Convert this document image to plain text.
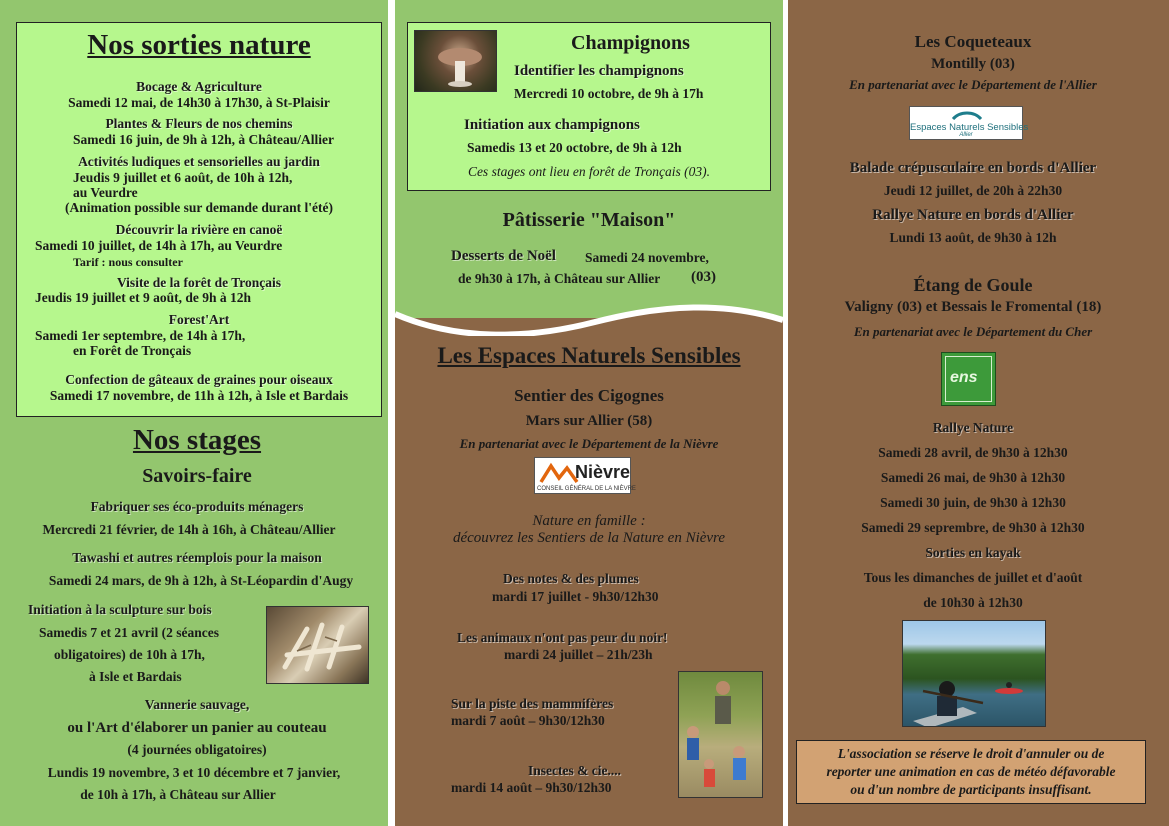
Nos sorties nature
Bocage & Agriculture
Samedi 12 mai, de 14h30 à 17h30, à St-Plaisir
Plantes & Fleurs de nos chemins
Samedi 16 juin, de 9h à 12h, à Château/Allier
Activités ludiques et sensorielles au jardin
Jeudis 9 juillet et 6 août, de 10h à 12h,
au Veurdre
(Animation possible sur demande durant l'été)
Découvrir la rivière en canoë
Samedi 10 juillet, de 14h à 17h, au Veurdre
Tarif : nous consulter
Visite de la forêt de Tronçais
Jeudis 19 juillet et 9 août, de 9h à 12h
Forest'Art
Samedi 1er septembre, de 14h à 17h,
en Forêt de Tronçais
Confection de gâteaux de graines pour oiseaux
Samedi 17 novembre, de 11h à 12h, à Isle et Bardais
Nos stages
Savoirs-faire
Fabriquer ses éco-produits ménagers
Mercredi 21 février, de 14h à 16h, à Château/Allier
Tawashi et autres réemplois pour la maison
Samedi 24 mars, de 9h à 12h, à St-Léopardin d'Augy
Initiation à la sculpture sur bois
Samedis 7 et 21 avril (2 séances
obligatoires) de 10h à 17h,
à Isle et Bardais
Vannerie sauvage,
ou l'Art d'élaborer un panier au couteau
(4 journées obligatoires)
Lundis 19 novembre, 3 et 10 décembre et 7 janvier,
de 10h à 17h, à Château sur Allier
Champignons
Identifier les champignons
Mercredi 10 octobre, de 9h à 17h
Initiation aux champignons
Samedis 13 et 20 octobre, de 9h à 12h
Ces stages ont lieu en forêt de Tronçais (03).
Pâtisserie "Maison"
Desserts de Noël Samedi 24 novembre,
de 9h30 à 17h, à Château sur Allier (03)
Les Espaces Naturels Sensibles
Sentier des Cigognes
Mars sur Allier (58)
En partenariat avec le Département de la Nièvre
Nièvre
CONSEIL GÉNÉRAL DE LA NIÈVRE
Nature en famille :
découvrez les Sentiers de la Nature en Nièvre
Des notes & des plumes
mardi 17 juillet - 9h30/12h30
Les animaux n'ont pas peur du noir!
mardi 24 juillet – 21h/23h
Sur la piste des mammifères
mardi 7 août – 9h30/12h30
Insectes & cie....
mardi 14 août – 9h30/12h30
Les Coqueteaux
Montilly (03)
En partenariat avec le Département de l'Allier
Espaces Naturels Sensibles
Allier
Balade crépusculaire en bords d'Allier
Jeudi 12 juillet, de 20h à 22h30
Rallye Nature en bords d'Allier
Lundi 13 août, de 9h30 à 12h
Étang de Goule
Valigny (03) et Bessais le Fromental (18)
En partenariat avec le Département du Cher
ens
Rallye Nature
Samedi 28 avril, de 9h30 à 12h30
Samedi 26 mai, de 9h30 à 12h30
Samedi 30 juin, de 9h30 à 12h30
Samedi 29 seprembre, de 9h30 à 12h30
Sorties en kayak
Tous les dimanches de juillet et d'août
de 10h30 à 12h30
L'association se réserve le droit d'annuler ou de
reporter une animation en cas de météo défavorable
ou d'un nombre de participants insuffisant.
